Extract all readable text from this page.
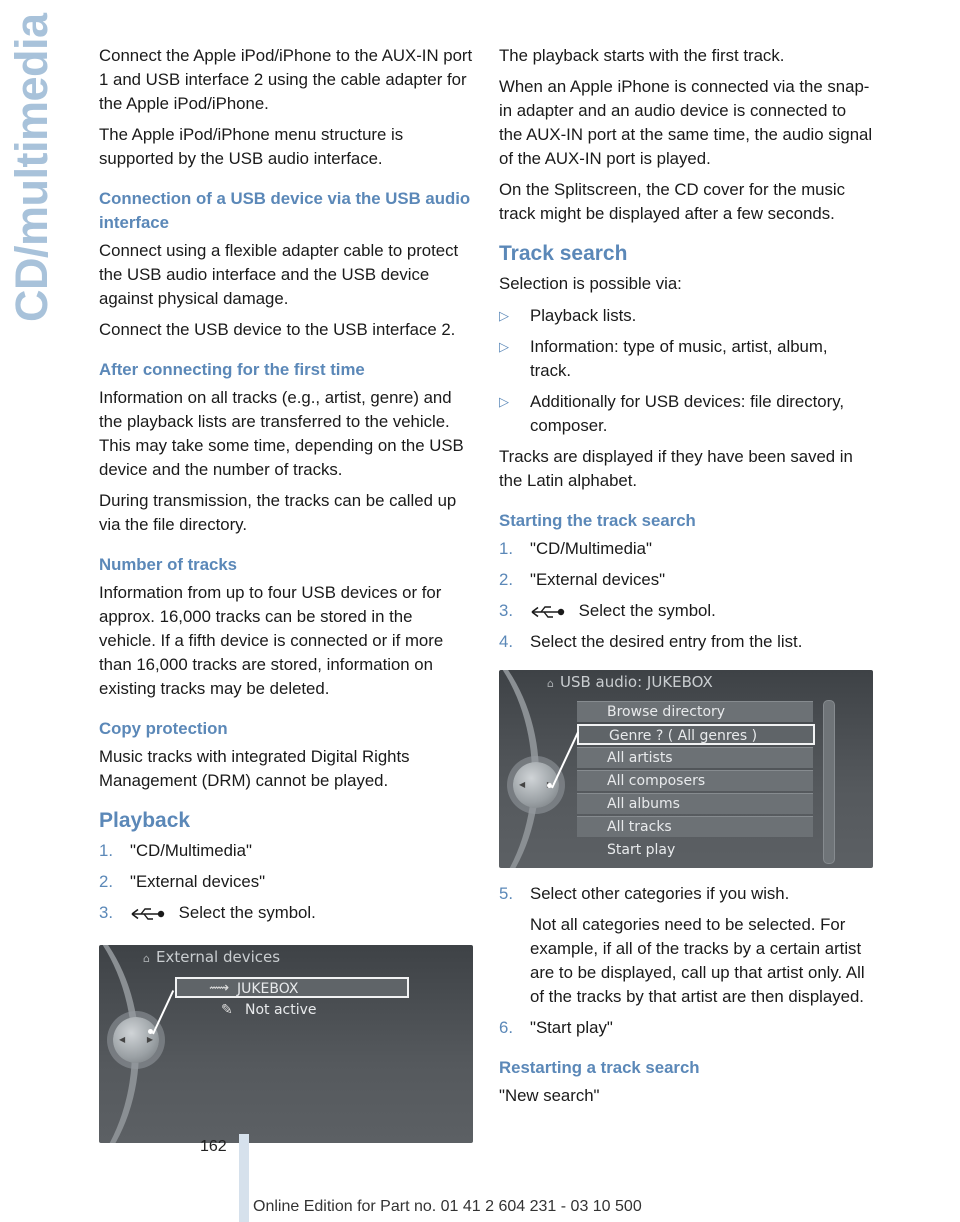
CD/multimedia	Connect the Apple iPod/iPhone to the AUX-IN port 1 and USB interface 2 using the cable adapter for the Apple iPod/iPhone.

The Apple iPod/iPhone menu structure is supported by the USB audio interface.

Connection of a USB device via the USB audio interface

Connect using a flexible adapter cable to protect the USB audio interface and the USB device against physical damage.

Connect the USB device to the USB interface 2.

After connecting for the first time

Information on all tracks (e.g., artist, genre) and the playback lists are transferred to the vehicle. This may take some time, depending on the USB device and the number of tracks.

During transmission, the tracks can be called up via the file directory.

Number of tracks

Information from up to four USB devices or for approx. 16,000 tracks can be stored in the vehicle. If a fifth device is connected or if more than 16,000 tracks are stored, information on existing tracks may be deleted.

Copy protection

Music tracks with integrated Digital Rights Management (DRM) cannot be played.

Playback
1. "CD/Multimedia"
2. "External devices"
3.	Select the symbol.
◀	▶
⌂ External devices
⟿ JUKEBOX
✎ Not active

The playback starts with the first track.

When an Apple iPhone is connected via the snap-in adapter and an audio device is connected to the AUX-IN port at the same time, the audio signal of the AUX-IN port is played.

On the Splitscreen, the CD cover for the music track might be displayed after a few seconds.

Track search

Selection is possible via:

▷ Playback lists.
▷ Information: type of music, artist, album, track.
▷ Additionally for USB devices: file directory, composer.

Tracks are displayed if they have been saved in the Latin alphabet.

Starting the track search
1. "CD/Multimedia"
2. "External devices"
3.	Select the symbol.
4. Select the desired entry from the list.
◀
⌂ USB audio: JUKEBOX
Browse directory
Genre ? ( All genres )
All artists
All composers
All albums
All tracks
Start play
5. Select other categories if you wish.
Not all categories need to be selected. For example, if all of the tracks by a certain artist are to be displayed, call up that artist only. All of the tracks by that artist are then displayed.
6. "Start play"
Restarting a track search

"New search"

162
Online Edition for Part no. 01 41 2 604 231 - 03 10 500
